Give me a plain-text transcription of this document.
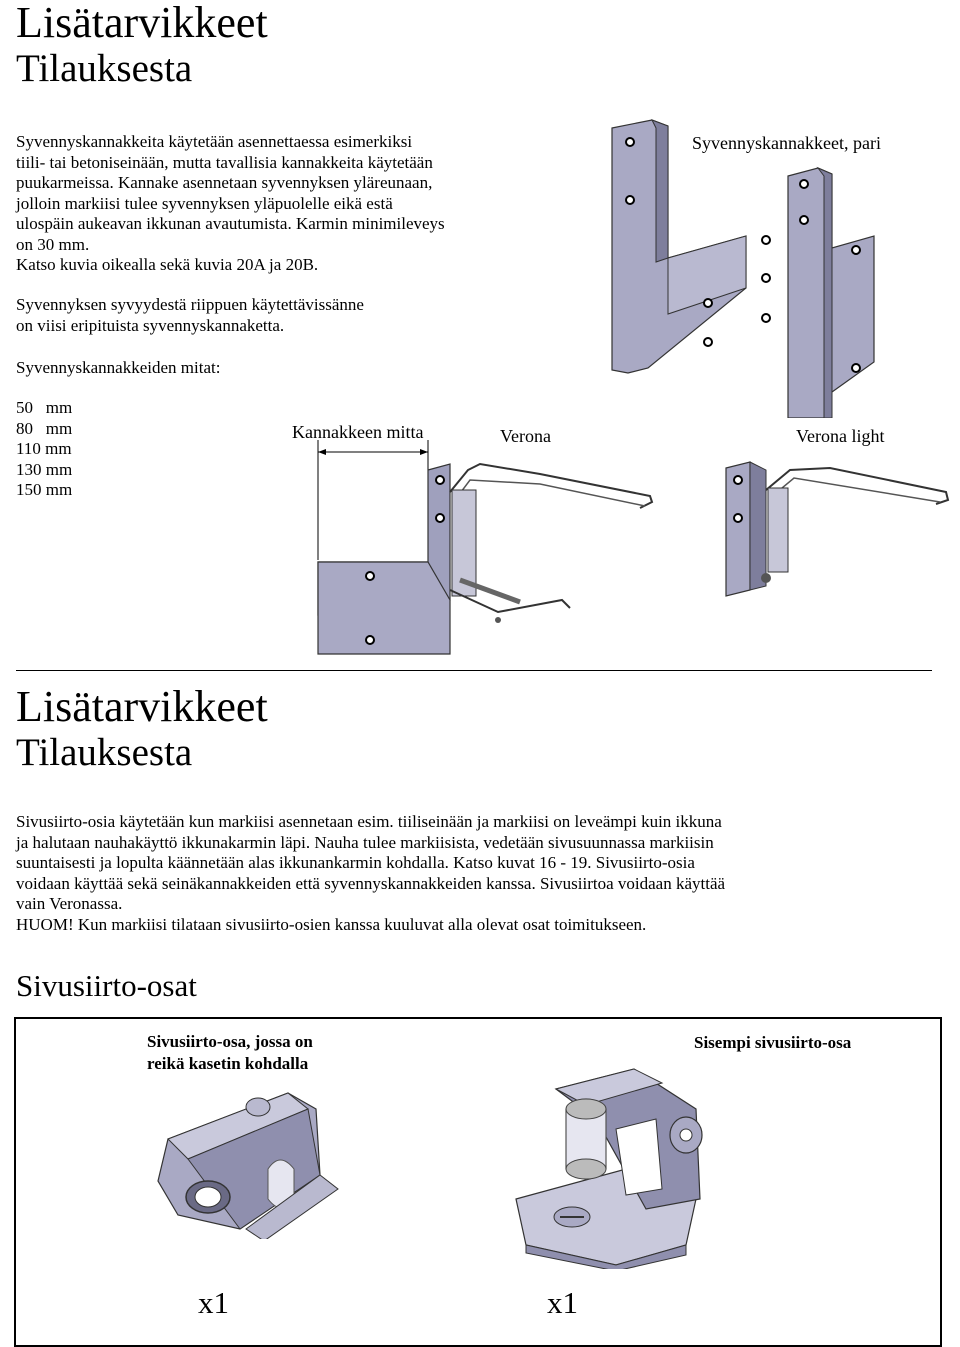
Lisätarvikkeet
Tilauksesta
Syvennyskannakkeita käytetään asennettaessa esimerkiksi
tiili- tai betoniseinään, mutta tavallisia kannakkeita käytetään
puukarmeissa. Kannake asennetaan syvennyksen yläreunaan,
jolloin markiisi tulee syvennyksen yläpuolelle eikä estä
ulospäin aukeavan ikkunan avautumista. Karmin minimileveys
on 30 mm.
Katso kuvia oikealla sekä kuvia 20A ja 20B.
Syvennyksen syvyydestä riippuen käytettävissänne
on viisi eripituista syvennyskannaketta.
Syvennyskannakkeiden mitat:
50   mm
80   mm
110 mm
130 mm
150 mm
Syvennyskannakkeet, pari
Kannakkeen mitta	Verona	Verona light
Lisätarvikkeet
Tilauksesta
Sivusiirto-osia käytetään kun markiisi asennetaan esim. tiiliseinään ja markiisi on leveämpi kuin ikkuna
ja halutaan nauhakäyttö ikkunakarmin läpi. Nauha tulee markiisista, vedetään sivusuunnassa markiisin
suuntaisesti ja lopulta käännetään alas ikkunankarmin kohdalla. Katso kuvat 16 - 19. Sivusiirto-osia
voidaan käyttää sekä seinäkannakkeiden että syvennyskannakkeiden kanssa. Sivusiirtoa voidaan käyttää
vain Veronassa.
HUOM! Kun markiisi tilataan sivusiirto-osien kanssa kuuluvat alla olevat osat toimitukseen.
Sivusiirto-osat
Sivusiirto-osa, jossa on
reikä kasetin kohdalla
Sisempi sivusiirto-osa
x1	x1
